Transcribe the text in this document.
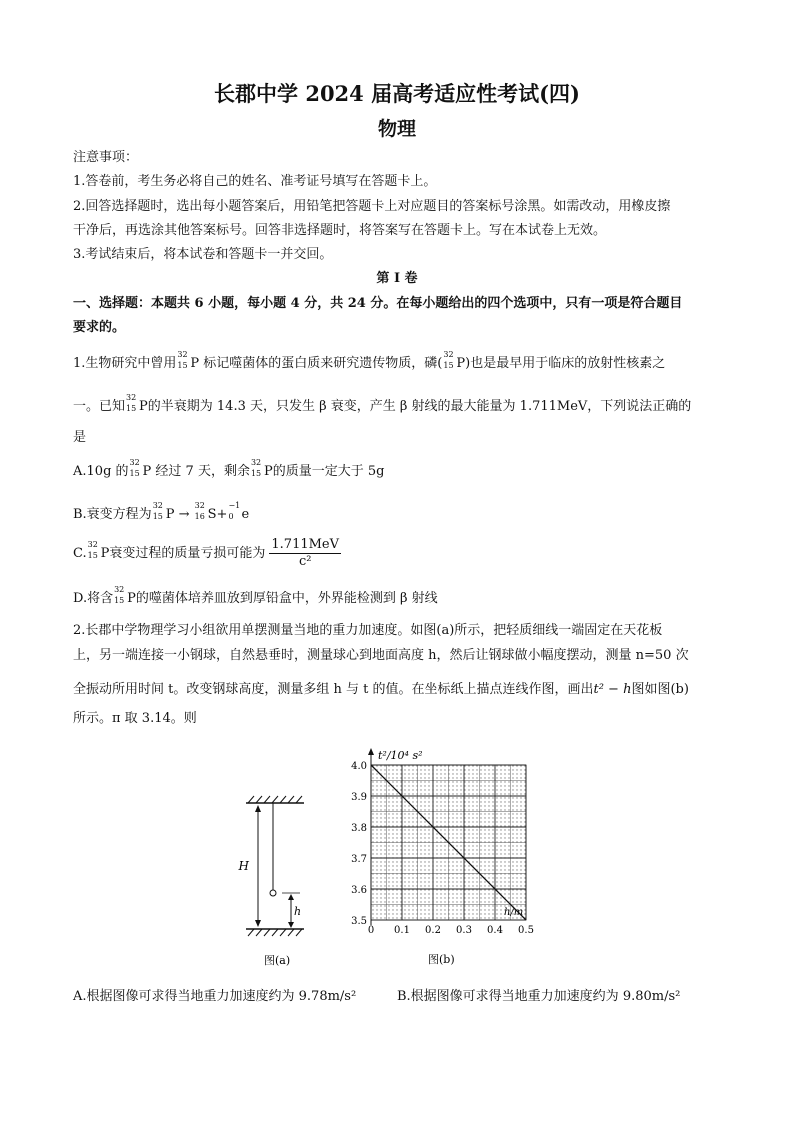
长郡中学 2024 届高考适应性考试(四)
物理
注意事项：
1.答卷前，考生务必将自己的姓名、准考证号填写在答题卡上。
2.回答选择题时，选出每小题答案后，用铅笔把答题卡上对应题目的答案标号涂黑。如需改动，用橡皮擦
干净后，再选涂其他答案标号。回答非选择题时，将答案写在答题卡上。写在本试卷上无效。
3.考试结束后，将本试卷和答题卡一并交回。
第 I 卷
一、选择题：本题共 6 小题，每小题 4 分，共 24 分。在每小题给出的四个选项中，只有一项是符合题目
要求的。
1.生物研究中曾用
32
15 P 标记噬菌体的蛋白质来研究遗传物质，磷(
32
15 P)也是最早用于临床的放射性核素之
一。已知
32
15 P的半衰期为 14.3 天，只发生 β 衰变，产生 β 射线的最大能量为 1.711MeV，下列说法正确的
是
A.10g 的
32
15 P 经过 7 天，剩余
32
15 P的质量一定大于 5g
B.衰变方程为
32
15 P →
32
16 S+
−1
0 e
C.
32
15 P衰变过程的质量亏损可能为 $\frac{\text{1.711MeV}}{\text{c²}}$
D.将含
32
15 P的噬菌体培养皿放到厚铅盒中，外界能检测到 β 射线
2.长郡中学物理学习小组欲用单摆测量当地的重力加速度。如图(a)所示，把轻质细线一端固定在天花板
上，另一端连接一小钢球，自然悬垂时，测量球心到地面高度 h，然后让钢球做小幅度摆动，测量 n=50 次
全振动所用时间 t。改变钢球高度，测量多组 h 与 t 的值。在坐标纸上描点连线作图，画出t² − h图如图(b)
所示。π 取 3.14。则
H
h
图(a)
0 0.1 0.2 0.3 0.4 0.5
3.5
3.6
3.7
3.8
3.9
4.0
t²/10⁴ s²
h/m
图(b)
A.根据图像可求得当地重力加速度约为 9.78m/s²	B.根据图像可求得当地重力加速度约为 9.80m/s²
